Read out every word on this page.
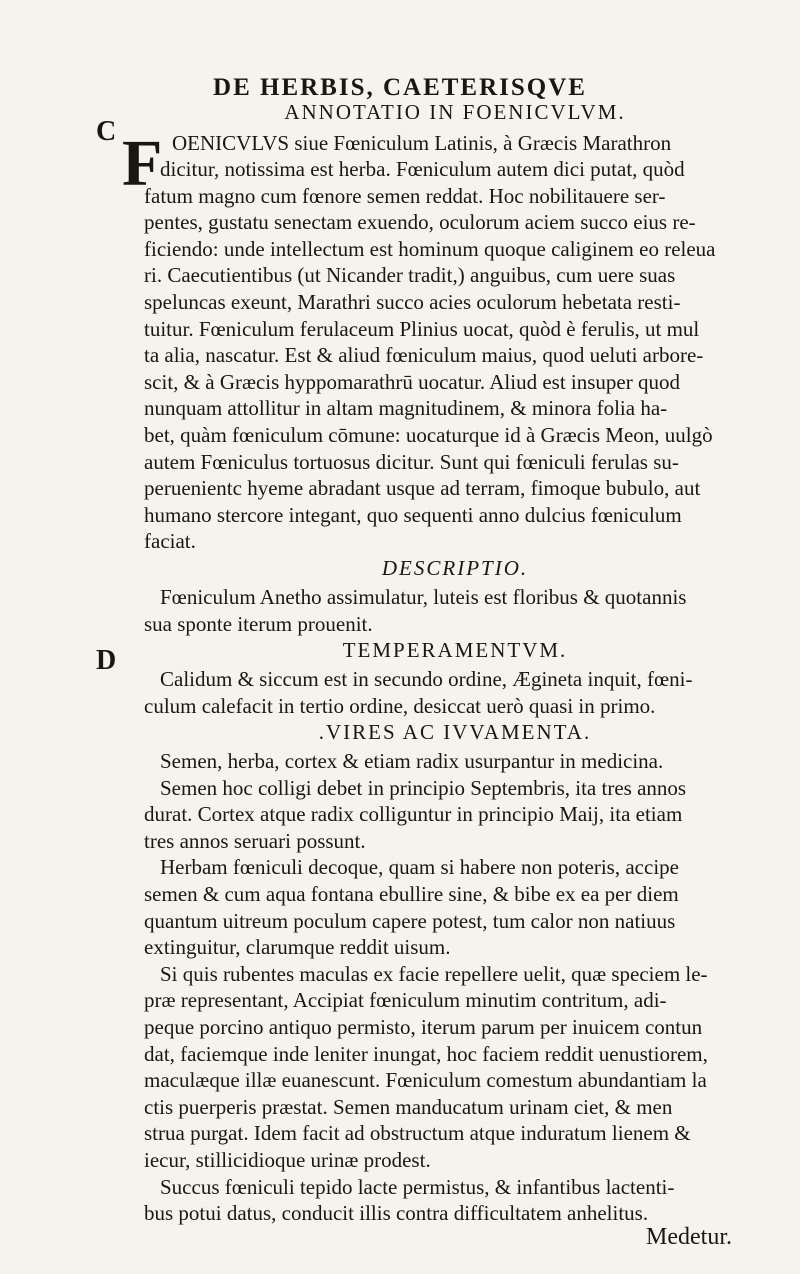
DE HERBIS, CAETERISQVE
C
D
ANNOTATIO IN FOENICVLVM.
F OENICVLVS siue Fœniculum Latinis, à Græcis Marathron
dicitur, notissima est herba. Fœniculum autem dici putat, quòd
fatum magno cum fœnore semen reddat. Hoc nobilitauere ser-
pentes, gustatu senectam exuendo, oculorum aciem succo eius re-
ficiendo: unde intellectum est hominum quoque caliginem eo releua
ri. Caecutientibus (ut Nicander tradit,) anguibus, cum uere suas
speluncas exeunt, Marathri succo acies oculorum hebetata resti-
tuitur. Fœniculum ferulaceum Plinius uocat, quòd è ferulis, ut mul
ta alia, nascatur. Est & aliud fœniculum maius, quod ueluti arbore-
scit, & à Græcis hyppomarathrū uocatur. Aliud est insuper quod
nunquam attollitur in altam magnitudinem, & minora folia ha-
bet, quàm fœniculum cōmune: uocaturque id à Græcis Meon, uulgò
autem Fœniculus tortuosus dicitur. Sunt qui fœniculi ferulas su-
peruenientc hyeme abradant usque ad terram, fimoque bubulo, aut
humano stercore integant, quo sequenti anno dulcius fœniculum
faciat.
DESCRIPTIO.
Fœniculum Anetho assimulatur, luteis est floribus & quotannis
sua sponte iterum prouenit.
TEMPERAMENTVM.
Calidum & siccum est in secundo ordine, Æginetа inquit, fœni-
culum calefacit in tertio ordine, desiccat uerò quasi in primo.
.VIRES AC IVVAMENTA.
Semen, herba, cortex & etiam radix usurpantur in medicina.
Semen hoc colligi debet in principio Septembris, ita tres annos
durat. Cortex atque radix colliguntur in principio Maij, ita etiam
tres annos seruari possunt.
Herbam fœniculi decoque, quam si habere non poteris, accipe
semen & cum aqua fontana ebullire sine, & bibe ex ea per diem
quantum uitreum poculum capere potest, tum calor non natiuus
extinguitur, clarumque reddit uisum.
Si quis rubentes maculas ex facie repellere uelit, quæ speciem le-
præ representant, Accipiat fœniculum minutim contritum, adi-
peque porcino antiquo permisto, iterum parum per inuicem contun
dat, faciemque inde leniter inungat, hoc faciem reddit uenustiorem,
maculæque illæ euanescunt. Fœniculum comestum abundantiam la
ctis puerperis præstat. Semen manducatum urinam ciet, & men
strua purgat. Idem facit ad obstructum atque induratum lienem &
iecur, stillicidioque urinæ prodest.
Succus fœniculi tepido lacte permistus, & infantibus lactenti-
bus potui datus, conducit illis contra difficultatem anhelitus.
Medetur.
